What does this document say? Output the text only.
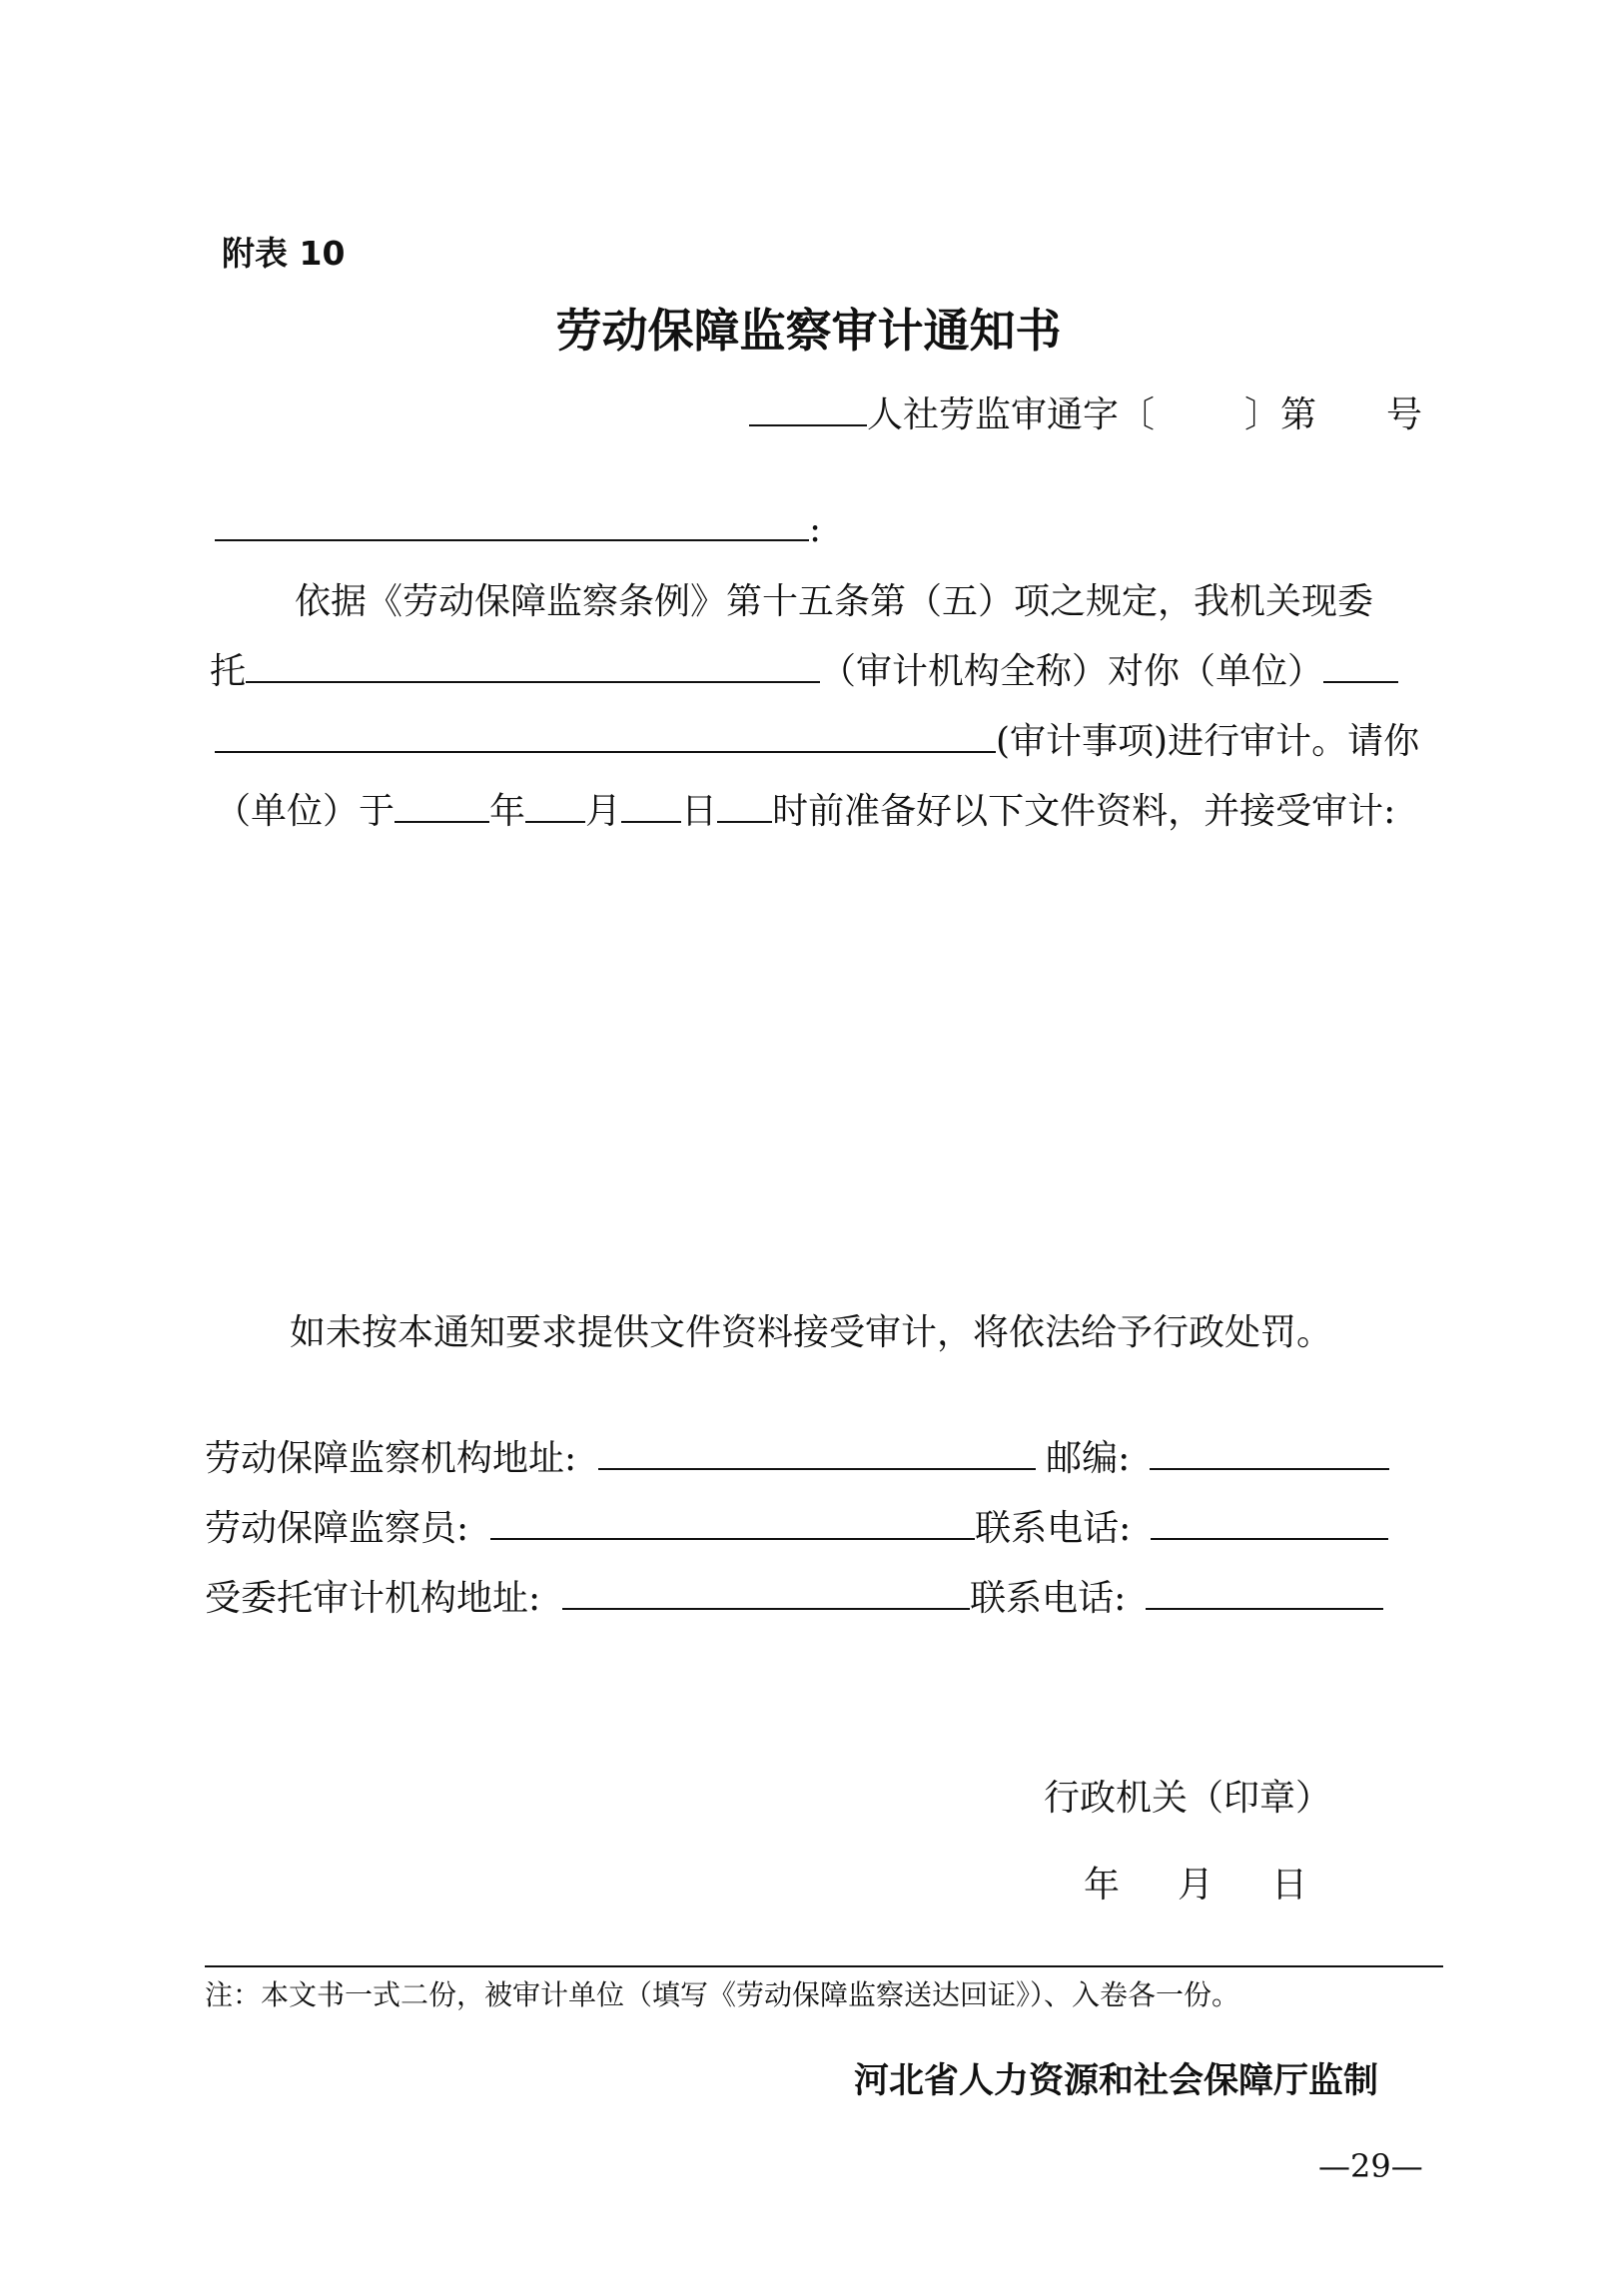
附表 10
劳动保障监察审计通知书
人社劳监审通字〔	〕第 号
:
依据《劳动保障监察条例》第十五条第（五）项之规定，我机关现委
托	（审计机构全称）对你（单位）
(审计事项)进行审计。请你
（单位）于	年 月 日 时前准备好以下文件资料，并接受审计:
如未按本通知要求提供文件资料接受审计，将依法给予行政处罚。
劳动保障监察机构地址:	邮编:
劳动保障监察员:	联系电话:
受委托审计机构地址:	联系电话:
行政机关（印章）
年 月 日
注：本文书一式二份，被审计单位（填写《劳动保障监察送达回证》）、入卷各一份。
河北省人力资源和社会保障厅监制
—29—
